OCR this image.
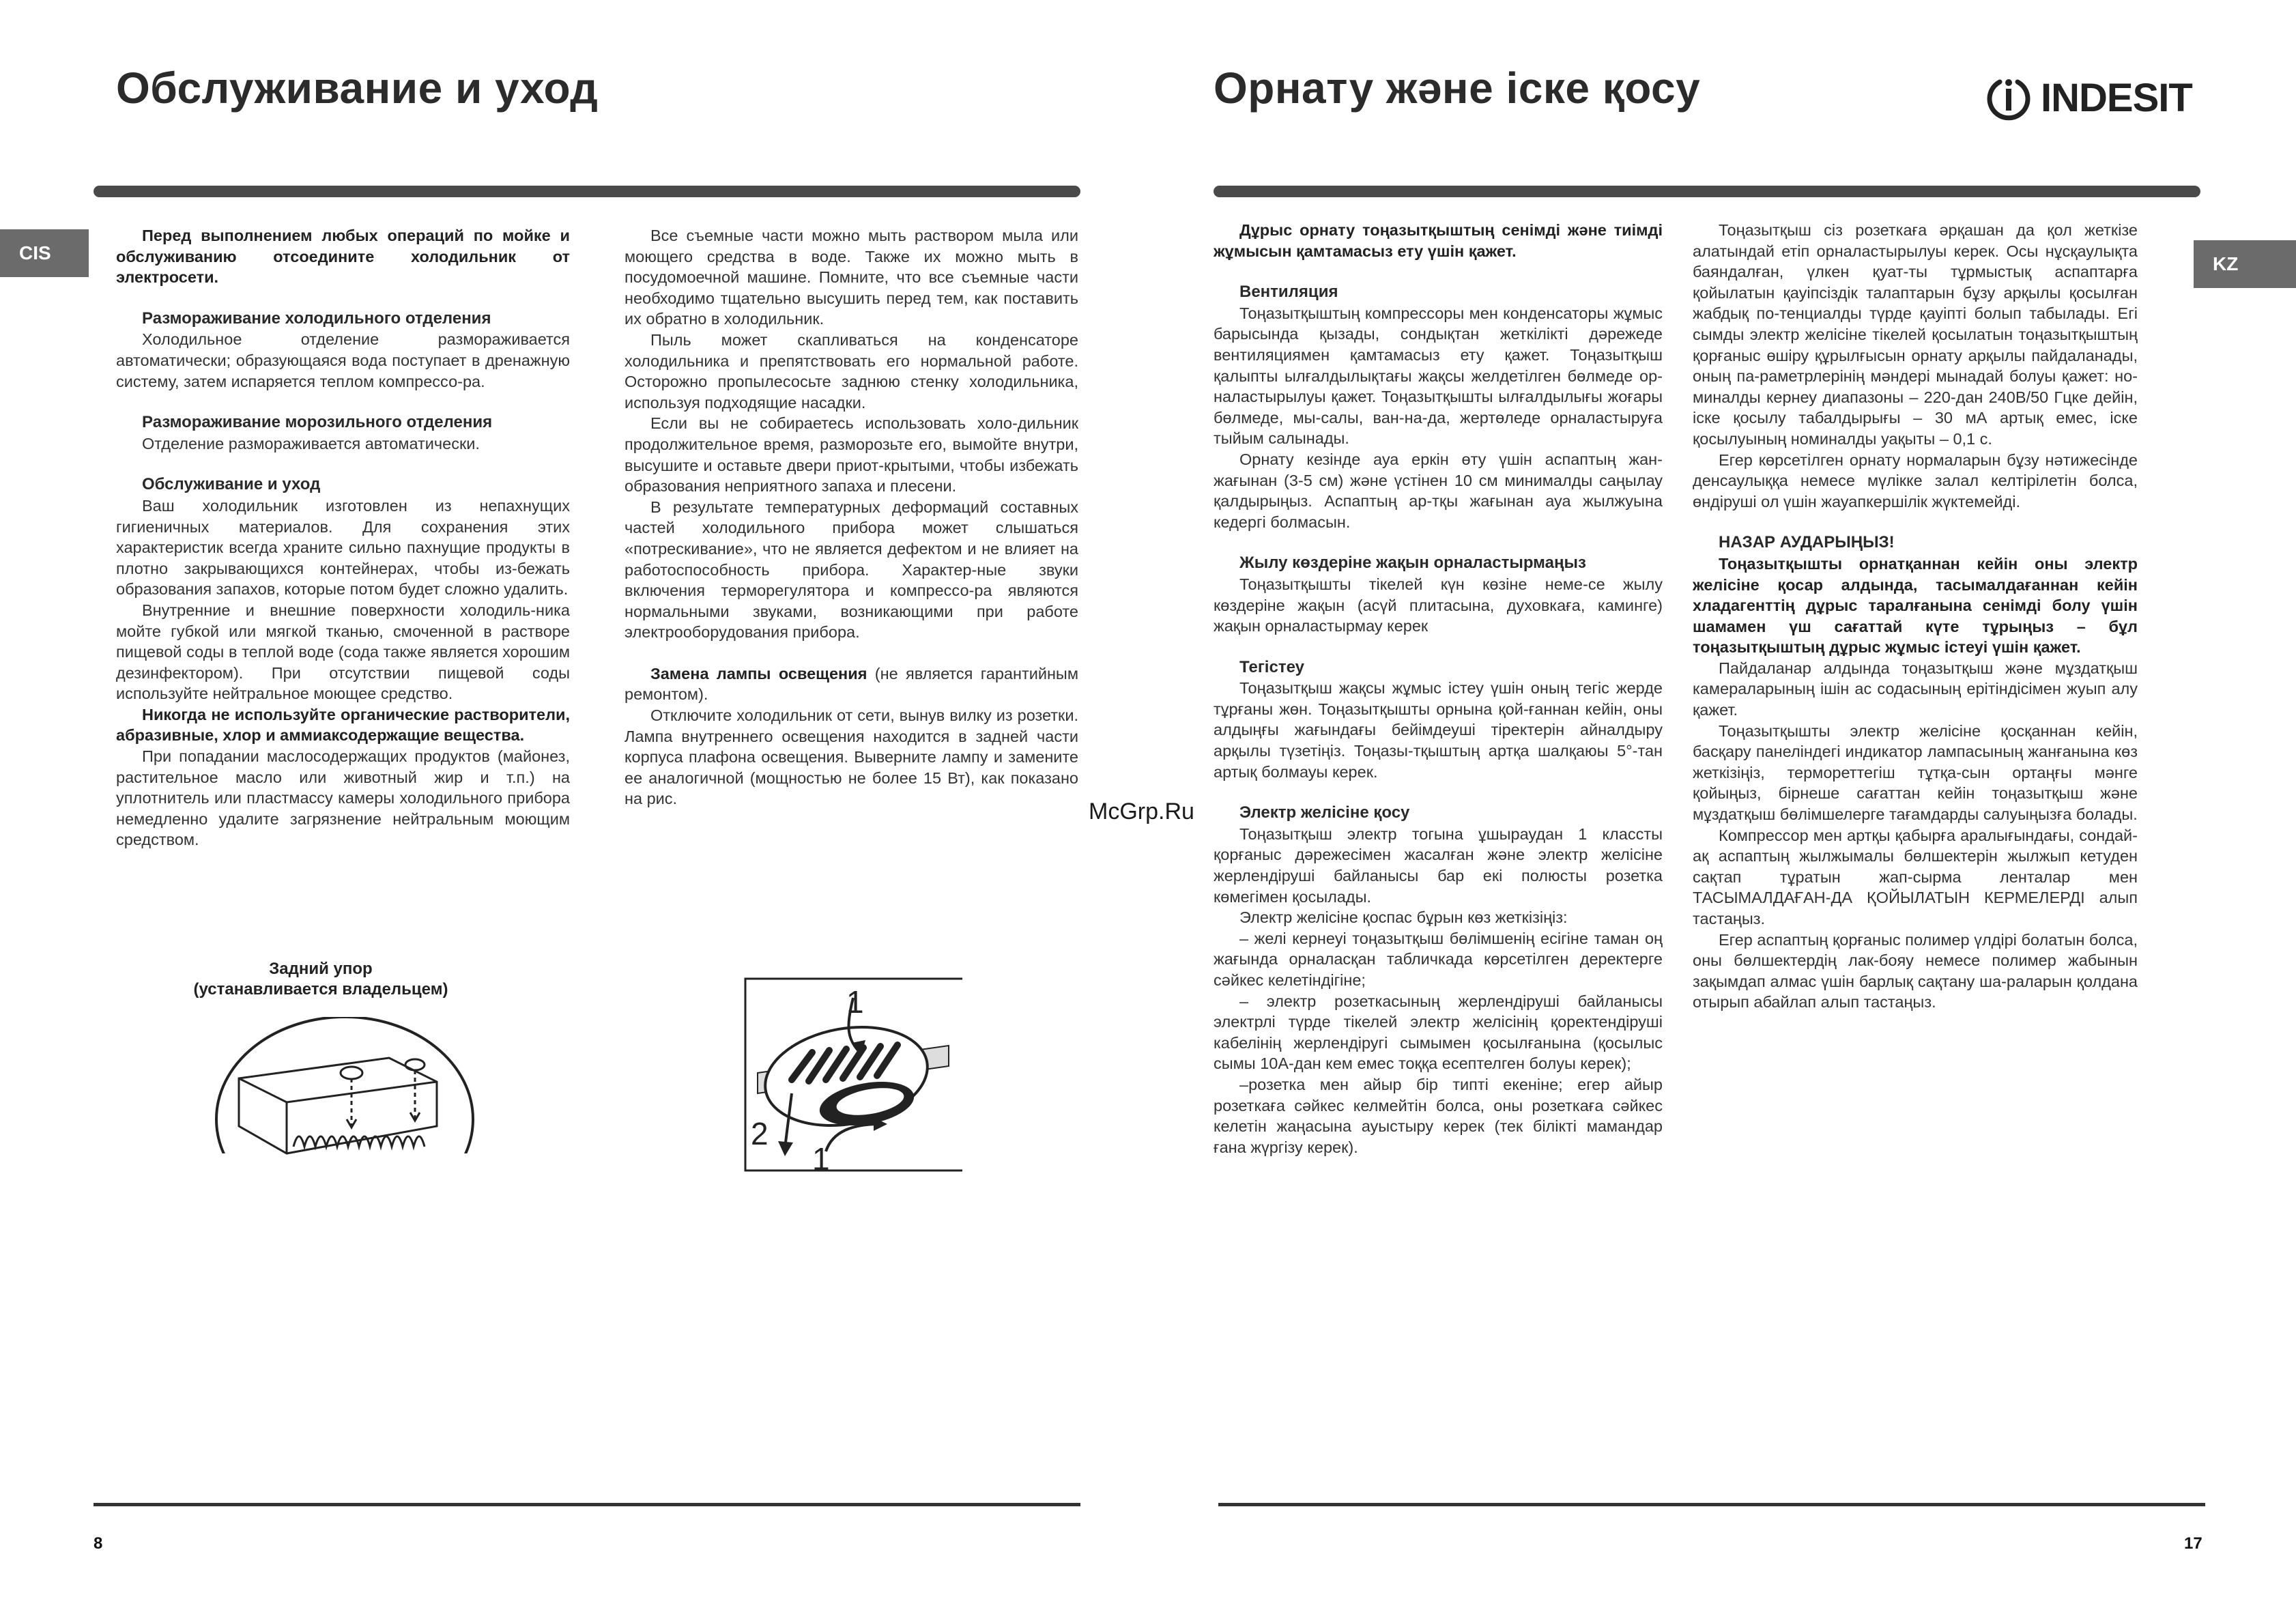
Обслуживание и уход
CIS

Перед выполнением любых операций по мойке и обслуживанию отсоедините холодильник от электросети.

Размораживание холодильного отделения

Холодильное отделение размораживается автоматически; образующаяся вода поступает в дренажную систему, затем испаряется теплом компрессо-ра.

Размораживание морозильного отделения

Отделение размораживается автоматически.

Обслуживание и уход

Ваш холодильник изготовлен из непахнущих гигиеничных материалов. Для сохранения этих характеристик всегда храните сильно пахнущие продукты в плотно закрывающихся контейнерах, чтобы из-бежать образования запахов, которые потом будет сложно удалить.

Внутренние и внешние поверхности холодиль-ника мойте губкой или мягкой тканью, смоченной в растворе пищевой соды в теплой воде (сода также является хорошим дезинфектором). При отсутствии пищевой соды используйте нейтральное моющее средство.

Никогда не используйте органические растворители, абразивные, хлор и аммиаксодержащие вещества.

При попадании маслосодержащих продуктов (майонез, растительное масло или животный жир и т.п.) на уплотнитель или пластмассу камеры холодильного прибора немедленно удалите загрязнение нейтральным моющим средством.

Все съемные части можно мыть раствором мыла или моющего средства в воде. Также их можно мыть в посудомоечной машине. Помните, что все съемные части необходимо тщательно высушить перед тем, как поставить их обратно в холодильник.

Пыль может скапливаться на конденсаторе холодильника и препятствовать его нормальной работе. Осторожно пропылесосьте заднюю стенку холодильника, используя подходящие насадки.

Если вы не собираетесь использовать холо-дильник продолжительное время, разморозьте его, вымойте внутри, высушите и оставьте двери приот-крытыми, чтобы избежать образования неприятного запаха и плесени.

В результате температурных деформаций составных частей холодильного прибора может слышаться «потрескивание», что не является дефектом и не влияет на работоспособность прибора. Характер-ные звуки включения терморегулятора и компрессо-ра являются нормальными звуками, возникающими при работе электрооборудования прибора.

Замена лампы освещения (не является гарантийным ремонтом).

Отключите холодильник от сети, вынув вилку из розетки. Лампа внутреннего освещения находится в задней части корпуса плафона освещения. Выверните лампу и замените ее аналогичной (мощностью не более 15 Вт), как показано на рис.

Задний упор
(устанавливается владельцем)	1
2
1
8
McGrp.Ru
Орнату және іске қосу	INDESIT
KZ

Дұрыс орнату тоңазытқыштың сенімді және тиімді жұмысын қамтамасыз ету үшін қажет.

Вентиляция

Тоңазытқыштың компрессоры мен конденсаторы жұмыс барысында қызады, сондықтан жеткілікті дәрежеде вентиляциямен қамтамасыз ету қажет. Тоңазытқыш қалыпты ылғалдылықтағы жақсы желдетілген бөлмеде ор-наластырылуы қажет. Тоңазытқышты ылғалдылығы жоғары бөлмеде, мы-салы, ван-на-да, жертөледе орналастыруға тыйым салынады.

Орнату кезінде ауа еркін өту үшін аспаптың жан-жағынан (3-5 см) және үстінен 10 см минималды саңылау қалдырыңыз. Аспаптың ар-тқы жағынан ауа жылжуына кедергі болмасын.

Жылу көздеріне жақын орналастырмаңыз

Тоңазытқышты тікелей күн көзіне неме-се жылу көздеріне жақын (асүй плитасына, духовкаға, каминге) жақын орналастырмау керек

Тегістеу

Тоңазытқыш жақсы жұмыс істеу үшін оның тегіс жерде тұрғаны жөн. Тоңазытқышты орнына қой-ғаннан кейін, оны алдыңғы жағындағы бейімдеуші тіректерін айналдыру арқылы түзетіңіз. Тоңазы-тқыштың артқа шалқаюы 5°-тан артық болмауы керек.

Электр желісіне қосу

Тоңазытқыш электр тогына ұшыраудан 1 классты қорғаныс дәрежесімен жасалған және электр желісіне жерлендіруші байланысы бар екі полюсты розетка көмегімен қосылады.

Электр желісіне қоспас бұрын көз жеткізіңіз:

– желі кернеуі тоңазытқыш бөлімшенің есігіне таман оң жағында орналасқан табличкада көрсетілген деректерге сәйкес келетіндігіне;

– электр розеткасының жерлендіруші байланысы электрлі түрде тікелей электр желісінің қоректендіруші кабелінің жерлендіругі сымымен қосылғанына (қосылыс сымы 10А-дан кем емес тоққа есептелген болуы керек);

–розетка мен айыр бір типті екеніне; егер айыр розеткаға сәйкес келмейтін болса, оны розеткаға сәйкес келетін жаңасына ауыстыру керек (тек білікті мамандар ғана жүргізу керек).

Тоңазытқыш сіз розеткаға әрқашан да қол жеткізе алатындай етіп орналастырылуы керек. Осы нұсқаулықта баяндалған, үлкен қуат-ты тұрмыстық аспаптарға қойылатын қауіпсіздік талаптарын бұзу арқылы қосылған жабдық по-тенциалды түрде қауіпті болып табылады. Егі сымды электр желісіне тікелей қосылатын тоңазытқыштың қорғаныс өшіру құрылғысын орнату арқылы пайдаланады, оның па-раметрлерінің мәндері мынадай болуы қажет: но-миналды кернеу диапазоны – 220-дан 240В/50 Гцке дейін, іске қосылу табалдырығы – 30 мА артық емес, іске қосылуының номиналды уақыты – 0,1 с.

Егер көрсетілген орнату нормаларын бұзу нәтижесінде денсаулыққа немесе мүлікке залал келтірілетін болса, өндіруші ол үшін жауапкершілік жүктемейді.

НАЗАР АУДАРЫҢЫЗ!

Тоңазытқышты орнатқаннан кейін оны электр желісіне қосар алдында, тасымалдағаннан кейін хладагенттің дұрыс таралғанына сенімді болу үшін шамамен үш сағаттай күте тұрыңыз – бұл тоңазытқыштың дұрыс жұмыс істеуі үшін қажет.

Пайдаланар алдында тоңазытқыш және мұздатқыш камераларының ішін ас содасының ерітіндісімен жуып алу қажет.

Тоңазытқышты электр желісіне қосқаннан кейін, басқару панеліндегі индикатор лампасының жанғанына көз жеткізіңіз, термореттегіш тұтқа-сын ортаңғы мәнге қойыңыз, бірнеше сағаттан кейін тоңазытқыш және мұздатқыш бөлімшелерге тағамдарды салуыңызға болады.

Компрессор мен артқы қабырға аралығындағы, сондай-ақ аспаптың жылжымалы бөлшектерін жылжып кетуден сақтап тұратын жап-сырма ленталар мен ТАСЫМАЛДАҒАН-ДА ҚОЙЫЛАТЫН КЕРМЕЛЕРДІ алып тастаңыз.

Егер аспаптың қорғаныс полимер үлдірі болатын болса, оны бөлшектердің лак-бояу немесе полимер жабынын зақымдап алмас үшін барлық сақтану ша-раларын қолдана отырып абайлап алып тастаңыз.

17
